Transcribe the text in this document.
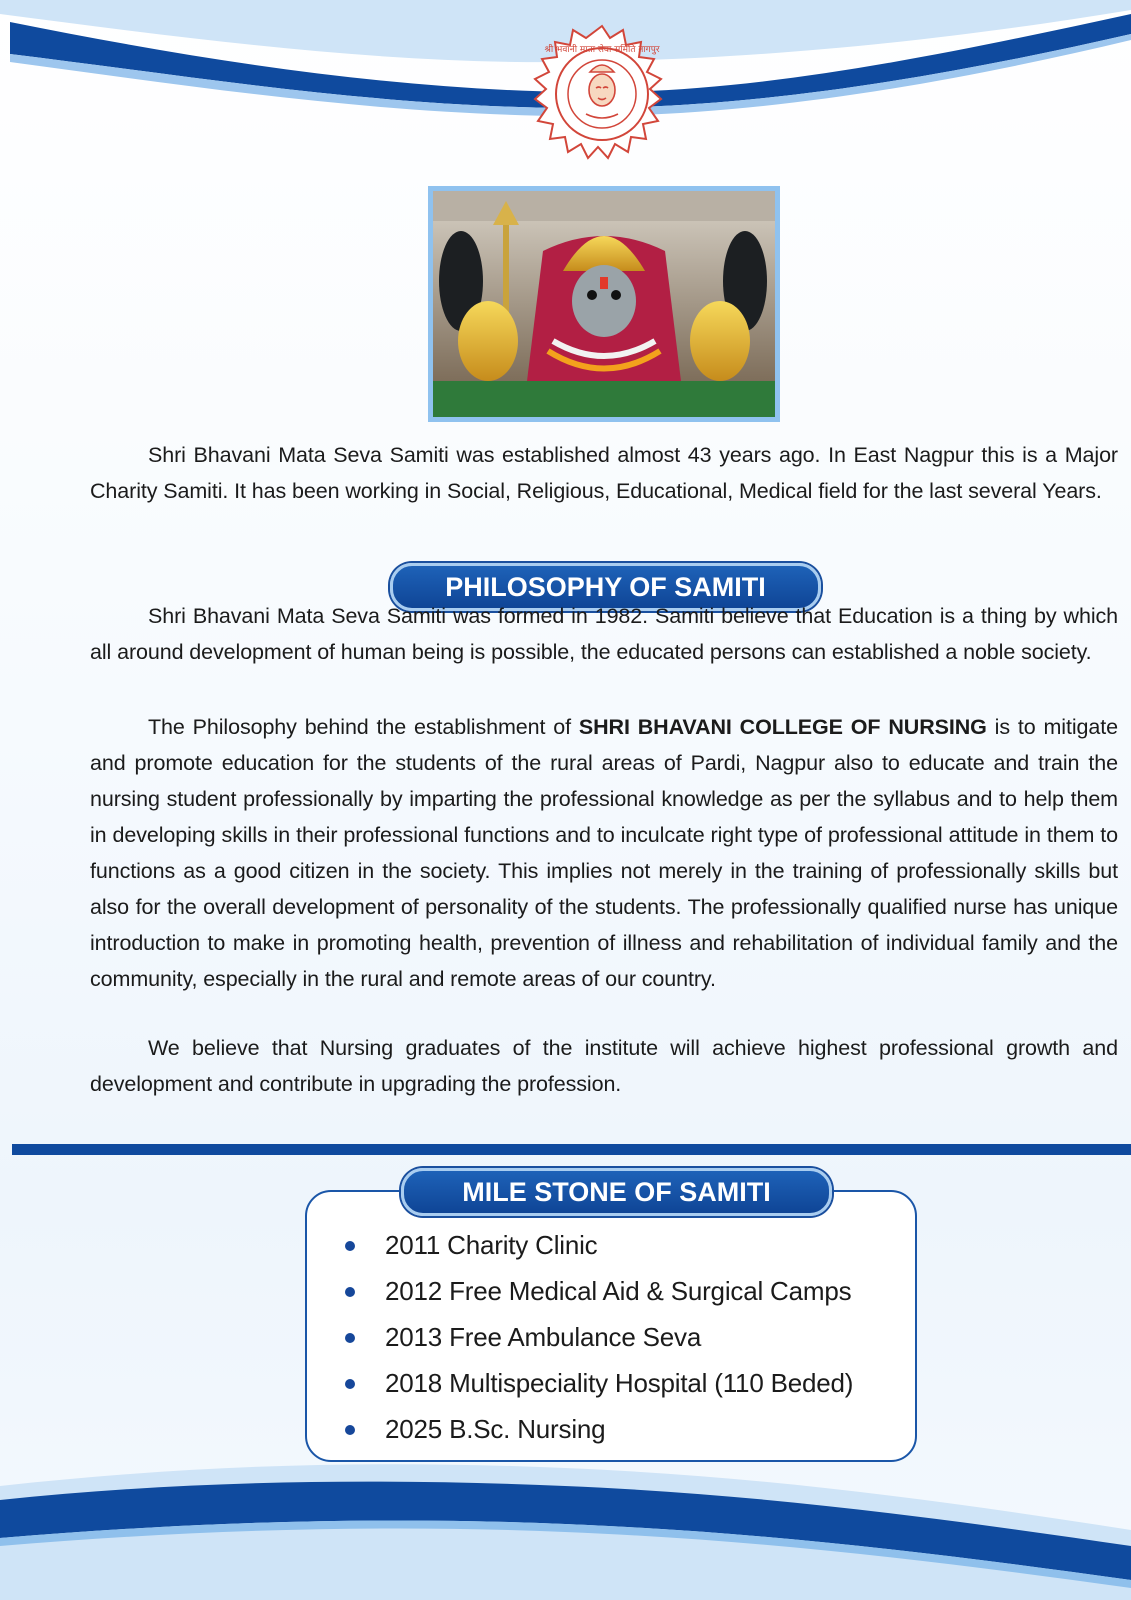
श्री भवानी माता सेवा समिति नागपुर

Shri Bhavani Mata Seva Samiti was established almost 43 years ago. In East Nagpur this is a Major Charity Samiti. It has been working in Social, Religious, Educational, Medical field for the last several Years.

PHILOSOPHY OF SAMITI

Shri Bhavani Mata Seva Samiti was formed in 1982. Samiti believe that Education is a thing by which all around development of human being is possible, the educated persons can established a noble society.

The Philosophy behind the establishment of SHRI BHAVANI COLLEGE OF NURSING is to mitigate and promote education for the students of the rural areas of Pardi, Nagpur also to educate and train the nursing student professionally by imparting the professional knowledge as per the syllabus and to help them in developing skills in their professional functions and to inculcate right type of professional attitude in them to functions as a good citizen in the society. This implies not merely in the training of professionally skills but also for the overall development of personality of the students. The professionally qualified nurse has unique introduction to make in promoting health, prevention of illness and rehabilitation of individual family and the community, especially in the rural and remote areas of our country.

We believe that Nursing graduates of the institute will achieve highest professional growth and development and contribute in upgrading the profession.

MILE STONE OF SAMITI
2011 Charity Clinic
2012 Free Medical Aid & Surgical Camps
2013 Free Ambulance Seva
2018 Multispeciality Hospital (110 Beded)
2025 B.Sc. Nursing
